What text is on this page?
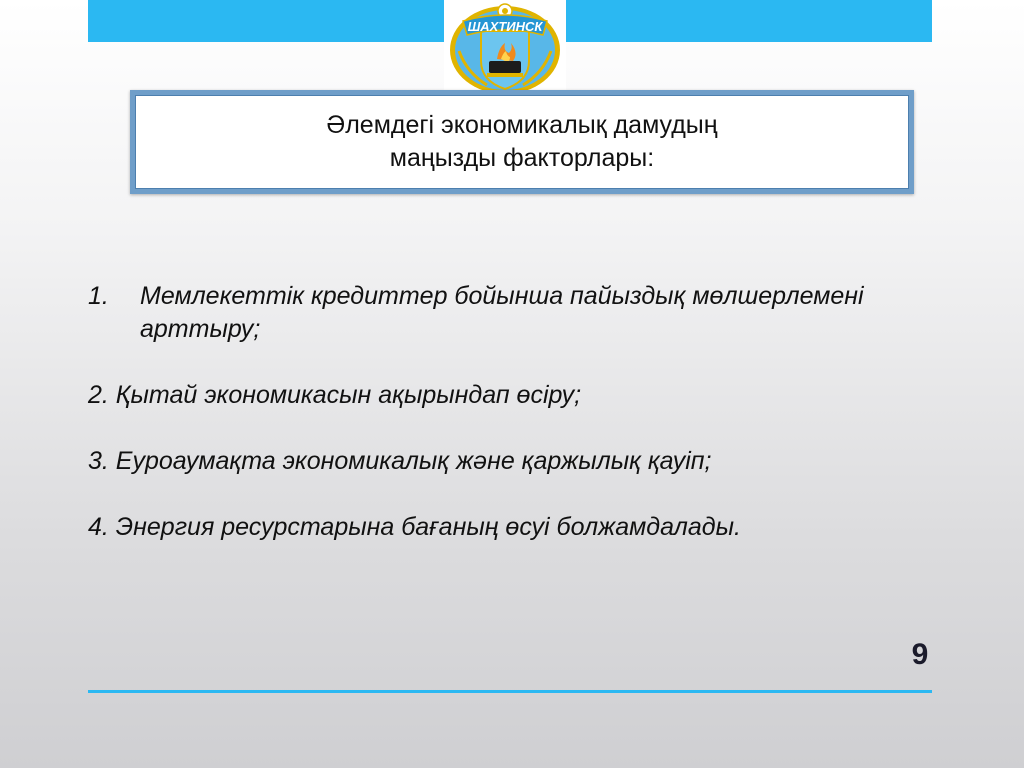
ШАХТИНСК
Әлемдегі экономикалық дамудың
маңызды факторлары:
1.	Мемлекеттік кредиттер бойынша пайыздық мөлшерлемені арттыру;
2. Қытай экономикасын ақырындап өсіру;
3. Еуроаумақта экономикалық және қаржылық қауіп;
4. Энергия ресурстарына бағаның өсуі болжамдалады.
9
